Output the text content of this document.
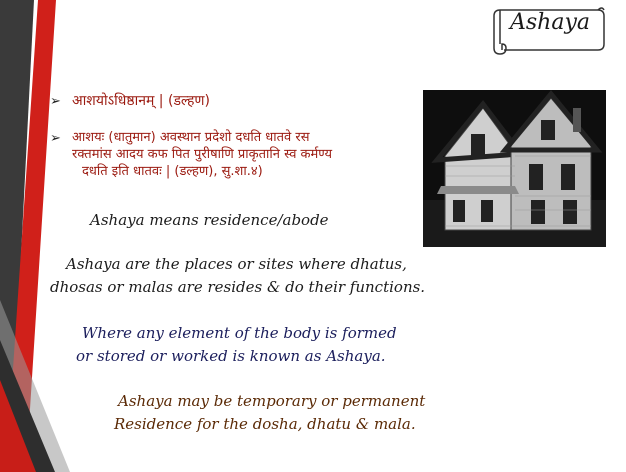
Ashaya
➢ आशयोऽधिष्ठानम् | (डल्हण)
➢ आशयः (धातुमान) अवस्थान प्रदेशो दधति धातवे रस
रक्तमांस आदय कफ पित पुरीषाणि प्राकृतानि स्व कर्मण्य
दधति इति धातवः | (डल्हण), सु.शा.४)
Ashaya means residence/abode
Ashaya are the places or sites where dhatus,
dhosas or malas are resides & do their functions.
Where any element of the body is formed
or stored or worked is known as Ashaya.
Ashaya may be temporary or permanent
Residence for the dosha, dhatu & mala.
